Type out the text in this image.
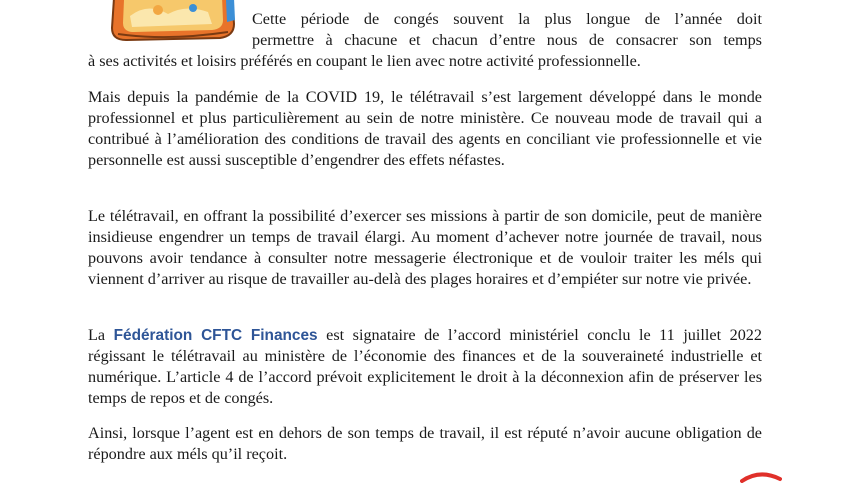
Cette période de congés souvent la plus longue de l’année doit
permettre à chacune et chacun d’entre nous de consacrer son temps
à ses activités et loisirs préférés en coupant le lien avec notre activité professionnelle.

Mais depuis la pandémie de la COVID 19, le télétravail s’est largement développé dans le monde professionnel et plus particulièrement au sein de notre ministère. Ce nouveau mode de travail qui a contribué à l’amélioration des conditions de travail des agents en conciliant vie professionnelle et vie personnelle est aussi susceptible d’engendrer des effets néfastes.

Le télétravail, en offrant la possibilité d’exercer ses missions à partir de son domicile, peut de manière insidieuse engendrer un temps de travail élargi. Au moment d’achever notre journée de travail, nous pouvons avoir tendance à consulter notre messagerie électronique et de vouloir traiter les méls qui viennent d’arriver au risque de travailler au-delà des plages horaires et d’empiéter sur notre vie privée.

La Fédération CFTC Finances est signataire de l’accord ministériel conclu le 11 juillet 2022 régissant le télétravail au ministère de l’économie des finances et de la souveraineté industrielle et numérique. L’article 4 de l’accord prévoit explicitement le droit à la déconnexion afin de préserver les temps de repos et de congés.

Ainsi, lorsque l’agent est en dehors de son temps de travail, il est réputé n’avoir aucune obligation de répondre aux méls qu’il reçoit.
